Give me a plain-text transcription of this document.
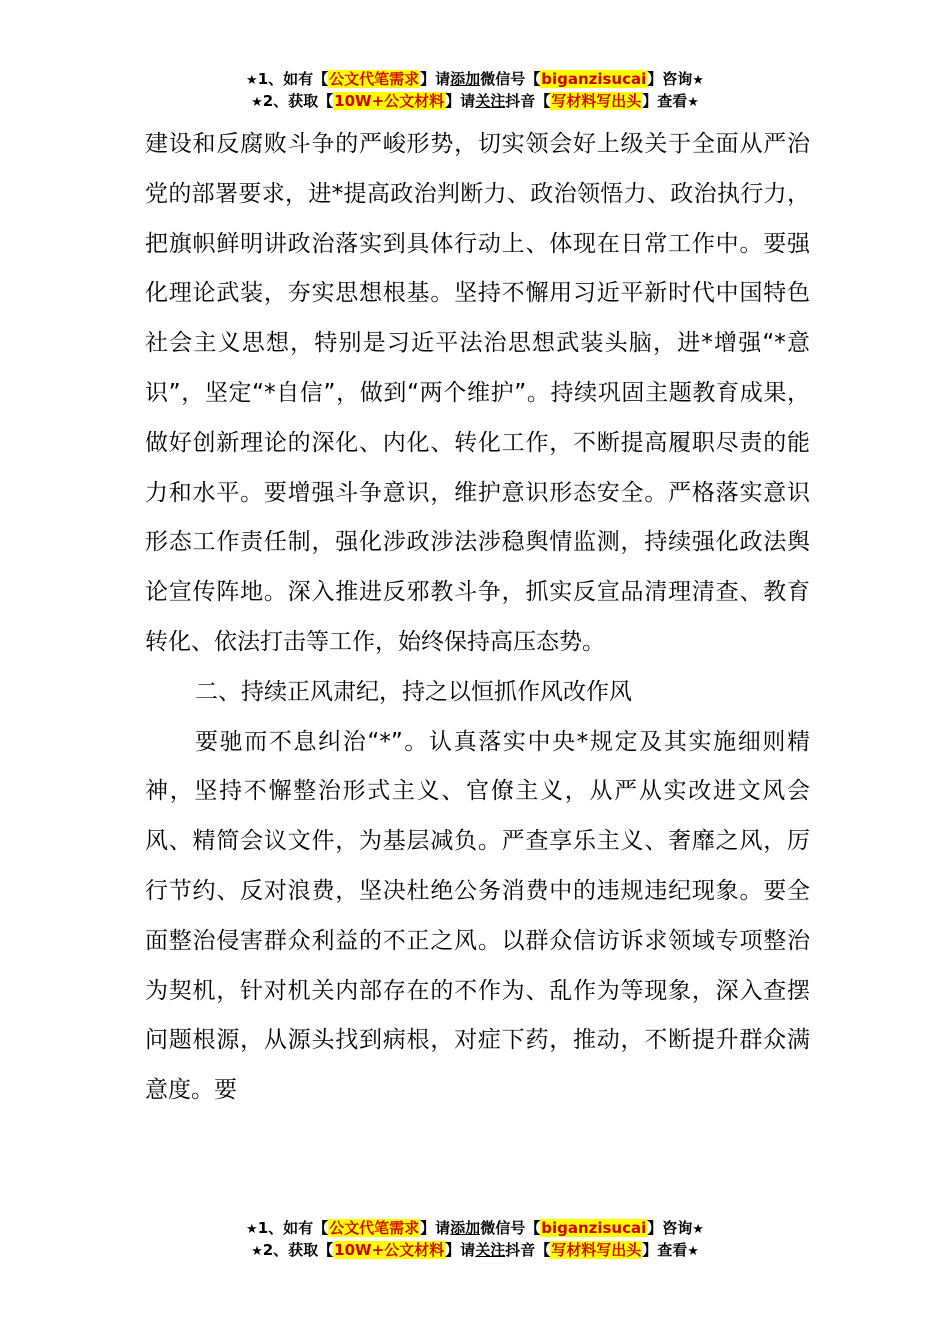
★1、如有【公文代笔需求】请添加微信号【biganzisucai】咨询★
★2、获取【10W+公文材料】请关注抖音【写材料写出头】查看★

建设和反腐败斗争的严峻形势，切实领会好上级关于全面从严治党的部署要求，进*提高政治判断力、政治领悟力、政治执行力，把旗帜鲜明讲政治落实到具体行动上、体现在日常工作中。要强化理论武装，夯实思想根基。坚持不懈用习近平新时代中国特色社会主义思想，特别是习近平法治思想武装头脑，进*增强“*意识”，坚定“*自信”，做到“两个维护”。持续巩固主题教育成果，做好创新理论的深化、内化、转化工作，不断提高履职尽责的能力和水平。要增强斗争意识，维护意识形态安全。严格落实意识形态工作责任制，强化涉政涉法涉稳舆情监测，持续强化政法舆论宣传阵地。深入推进反邪教斗争，抓实反宣品清理清查、教育转化、依法打击等工作，始终保持高压态势。

二、持续正风肃纪，持之以恒抓作风改作风

要驰而不息纠治“*”。认真落实中央*规定及其实施细则精神，坚持不懈整治形式主义、官僚主义，从严从实改进文风会风、精简会议文件，为基层减负。严查享乐主义、奢靡之风，厉行节约、反对浪费，坚决杜绝公务消费中的违规违纪现象。要全面整治侵害群众利益的不正之风。以群众信访诉求领域专项整治为契机，针对机关内部存在的不作为、乱作为等现象，深入查摆问题根源，从源头找到病根，对症下药，推动，不断提升群众满意度。要

★1、如有【公文代笔需求】请添加微信号【biganzisucai】咨询★
★2、获取【10W+公文材料】请关注抖音【写材料写出头】查看★
